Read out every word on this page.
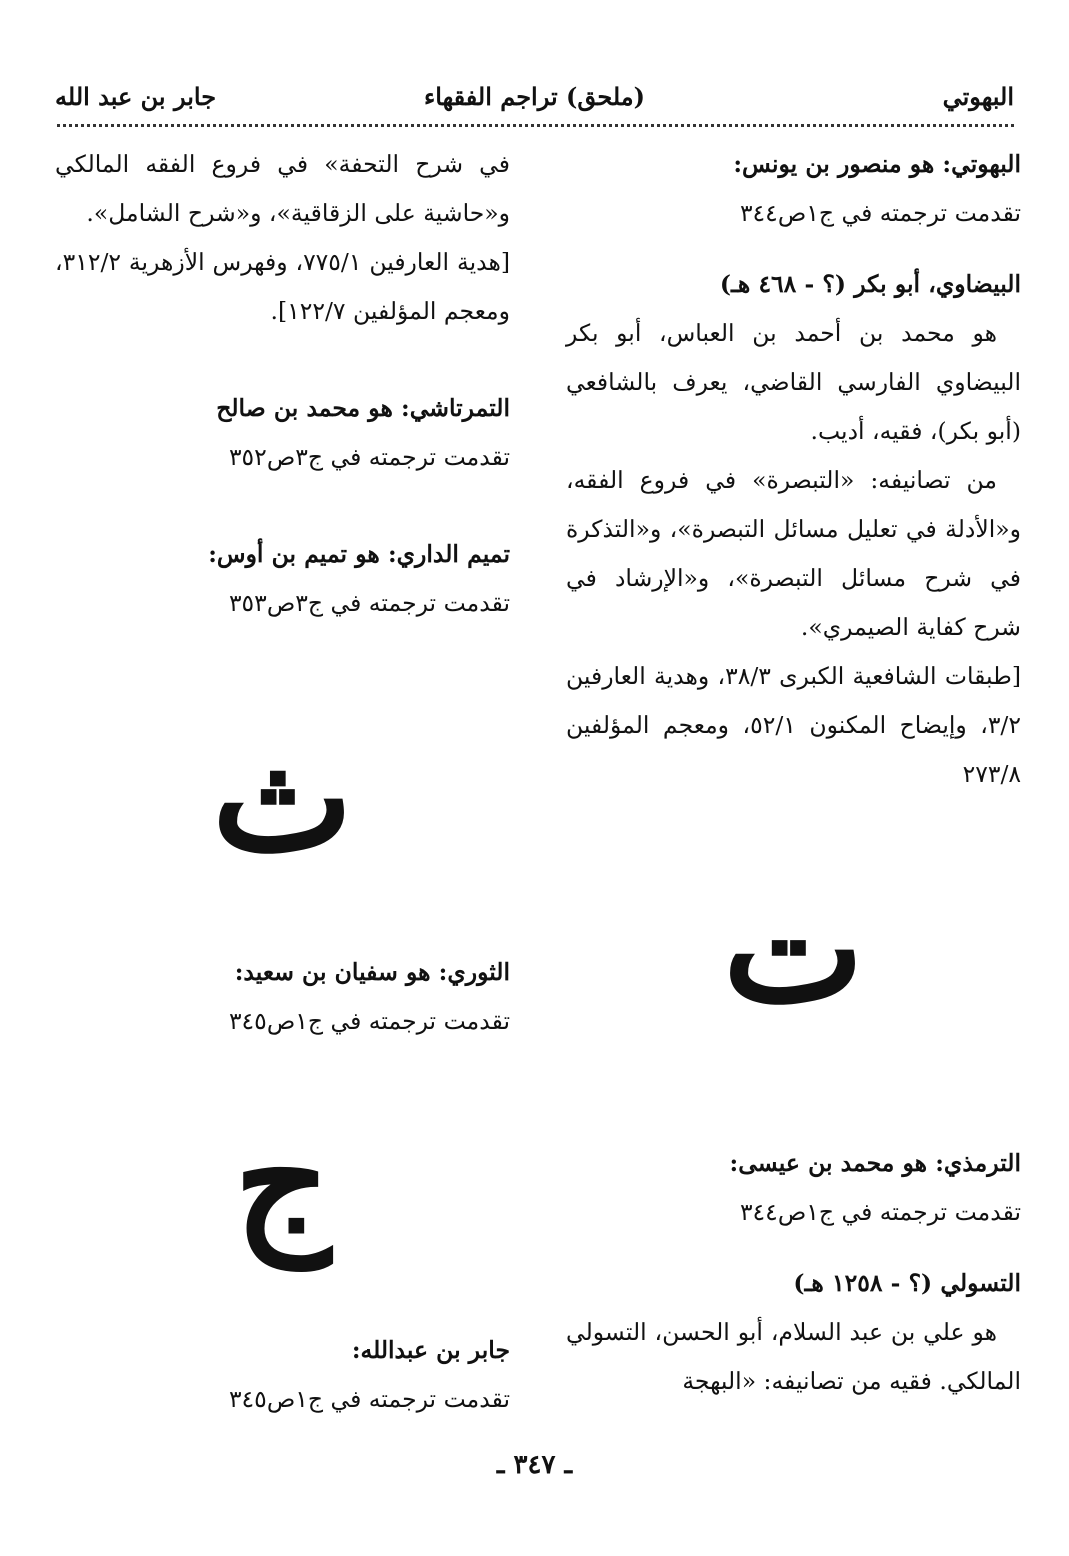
البهوتي
(ملحق) تراجم الفقهاء
جابر بن عبد الله

البهوتي: هو منصور بن يونس:

تقدمت ترجمته في ج١ص٣٤٤

البيضاوي، أبو بكر (؟ - ٤٦٨ هـ)

هو محمد بن أحمد بن العباس، أبو بكر البيضاوي الفارسي القاضي، يعرف بالشافعي (أبو بكر)، فقيه، أديب.

من تصانيفه: «التبصرة» في فروع الفقه، و«الأدلة في تعليل مسائل التبصرة»، و«التذكرة في شرح مسائل التبصرة»، و«الإرشاد في شرح كفاية الصيمري».

[طبقات الشافعية الكبرى ٣٨/٣، وهدية العارفين ٣/٢، وإيضاح المكنون ٥٢/١، ومعجم المؤلفين ٢٧٣/٨

ت

الترمذي: هو محمد بن عيسى:

تقدمت ترجمته في ج١ص٣٤٤

التسولي (؟ - ١٢٥٨ هـ)

هو علي بن عبد السلام، أبو الحسن، التسولي المالكي. فقيه من تصانيفه: «البهجة

في شرح التحفة» في فروع الفقه المالكي و«حاشية على الزقاقية»، و«شرح الشامل».

[هدية العارفين ٧٧٥/١، وفهرس الأزهرية ٣١٢/٢، ومعجم المؤلفين ١٢٢/٧].

التمرتاشي: هو محمد بن صالح

تقدمت ترجمته في ج٣ص٣٥٢

تميم الداري: هو تميم بن أوس:

تقدمت ترجمته في ج٣ص٣٥٣

ث

الثوري: هو سفيان بن سعيد:

تقدمت ترجمته في ج١ص٣٤٥

ج

جابر بن عبدالله:

تقدمت ترجمته في ج١ص٣٤٥

ـ ٣٤٧ ـ
